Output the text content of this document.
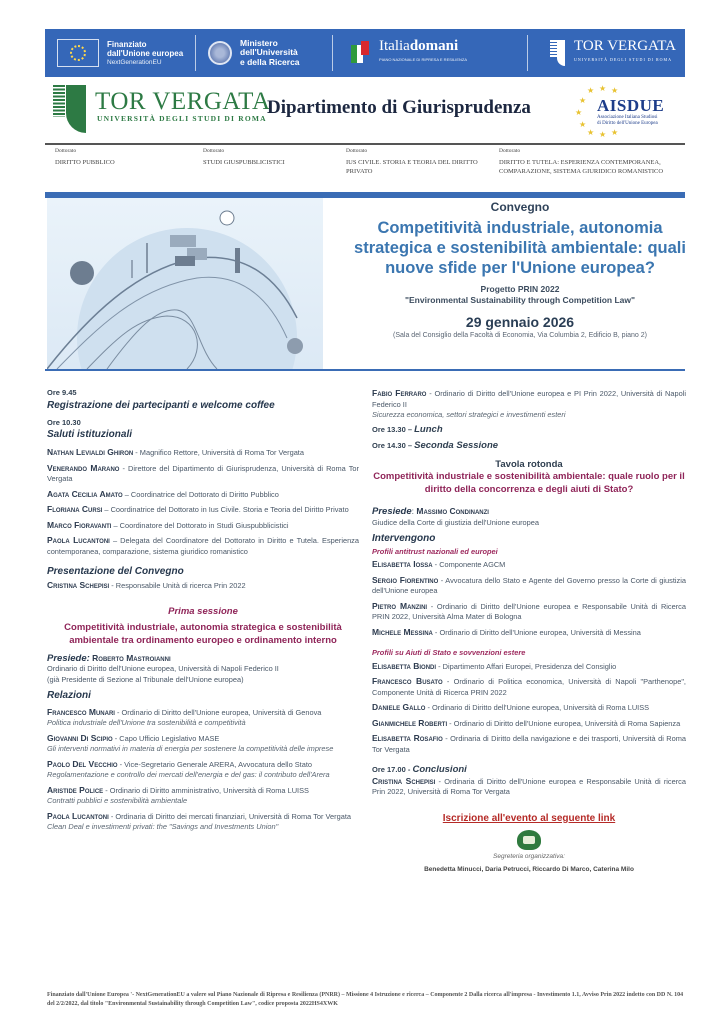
Finanziato
dall'Unione europea
NextGenerationEU
Ministero
dell'Università
e della Ricerca
Italiadomani
PIANO NAZIONALE DI RIPRESA E RESILIENZA
TOR VERGATA
UNIVERSITÀ DEGLI STUDI DI ROMA
TOR VERGATA
UNIVERSITÀ DEGLI STUDI DI ROMA
Dipartimento di Giurisprudenza
★ ★ ★
★
★
★
★ ★ ★
AISDUE
Associazione Italiana Studiosi
di Diritto dell'Unione Europea
Dottorato
DIRITTO PUBBLICO
Dottorato
STUDI GIUSPUBBLICISTICI
Dottorato
IUS CIVILE. STORIA E TEORIA DEL DIRITTO PRIVATO
Dottorato
DIRITTO E TUTELA: ESPERIENZA CONTEMPORANEA, COMPARAZIONE, SISTEMA GIURIDICO ROMANISTICO
Convegno
Competitività industriale, autonomia strategica e sostenibilità ambientale: quali nuove sfide per l'Unione europea?
Progetto PRIN 2022
"Environmental Sustainability through Competition Law"
29 gennaio 2026
(Sala del Consiglio della Facoltà di Economia, Via Columbia 2, Edificio B, piano 2)
Ore 9.45
Registrazione dei partecipanti e welcome coffee
Ore 10.30
Saluti istituzionali
Nathan Levialdi Ghiron - Magnifico Rettore, Università di Roma Tor Vergata
Venerando Marano - Direttore del Dipartimento di Giurisprudenza, Università di Roma Tor Vergata
Agata Cecilia Amato – Coordinatrice del Dottorato di Diritto Pubblico
Floriana Cursi – Coordinatrice del Dottorato in Ius Civile. Storia e Teoria del Diritto Privato
Marco Fioravanti – Coordinatore del Dottorato in Studi Giuspubblicistici
Paola Lucantoni – Delegata del Coordinatore del Dottorato in Diritto e Tutela. Esperienza contemporanea, comparazione, sistema giuridico romanistico
Presentazione del Convegno
Cristina Schepisi - Responsabile Unità di ricerca Prin 2022
Prima sessione
Competitività industriale, autonomia strategica e sostenibilità ambientale tra ordinamento europeo e ordinamento interno
Presiede: Roberto Mastroianni
Ordinario di Diritto dell'Unione europea, Università di Napoli Federico II
(già Presidente di Sezione al Tribunale dell'Unione europea)
Relazioni
Francesco Munari - Ordinario di Diritto dell'Unione europea, Università di Genova
Politica industriale dell'Unione tra sostenibilità e competitività
Giovanni Di Scipio - Capo Ufficio Legislativo MASE
Gli interventi normativi in materia di energia per sostenere la competitività delle imprese
Paolo Del Vecchio - Vice-Segretario Generale ARERA, Avvocatura dello Stato
Regolamentazione e controllo dei mercati dell'energia e del gas: il contributo dell'Arera
Aristide Police - Ordinario di Diritto amministrativo, Università di Roma LUISS
Contratti pubblici e sostenibilità ambientale
Paola Lucantoni - Ordinaria di Diritto dei mercati finanziari, Università di Roma Tor Vergata
Clean Deal e investimenti privati: the "Savings and Investments Union"
Fabio Ferraro - Ordinario di Diritto dell'Unione europea e PI Prin 2022, Università di Napoli Federico II
Sicurezza economica, settori strategici e investimenti esteri
Ore 13.30 – Lunch
Ore 14.30 – Seconda Sessione
Tavola rotonda
Competitività industriale e sostenibilità ambientale: quale ruolo per il diritto della concorrenza e degli aiuti di Stato?
Presiede: Massimo Condinanzi
Giudice della Corte di giustizia dell'Unione europea
Intervengono
Profili antitrust nazionali ed europei
Elisabetta Iossa - Componente AGCM
Sergio Fiorentino - Avvocatura dello Stato e Agente del Governo presso la Corte di giustizia dell'Unione europea
Pietro Manzini - Ordinario di Diritto dell'Unione europea e Responsabile Unità di Ricerca PRIN 2022, Università Alma Mater di Bologna
Michele Messina - Ordinario di Diritto dell'Unione europea, Università di Messina
Profili su Aiuti di Stato e sovvenzioni estere
Elisabetta Biondi - Dipartimento Affari Europei, Presidenza del Consiglio
Francesco Busato - Ordinario di Politica economica, Università di Napoli "Parthenope", Componente Unità di Ricerca PRIN 2022
Daniele Gallo - Ordinario di Diritto dell'Unione europea, Università di Roma LUISS
Gianmichele Roberti - Ordinario di Diritto dell'Unione europea, Università di Roma Sapienza
Elisabetta Rosafio - Ordinaria di Diritto della navigazione e dei trasporti, Università di Roma Tor Vergata
Ore 17.00 - Conclusioni
Cristina Schepisi - Ordinaria di Diritto dell'Unione europea e Responsabile Unità di ricerca Prin 2022, Università di Roma Tor Vergata
Iscrizione all'evento al seguente link
Segreteria organizzativa:
Benedetta Minucci, Daria Petrucci, Riccardo Di Marco, Caterina Milo
Finanziato dall'Unione Europea '- NextGenerationEU a valere sul Piano Nazionale di Ripresa e Resilienza (PNRR) – Missione 4 Istruzione e ricerca – Componente 2 Dalla ricerca all'impresa - Investimento 1.1, Avviso Prin 2022 indetto con DD N. 104 del 2/2/2022, dal titolo "Environmental Sustainability through Competition Law", codice proposta 2022HS4XWK
